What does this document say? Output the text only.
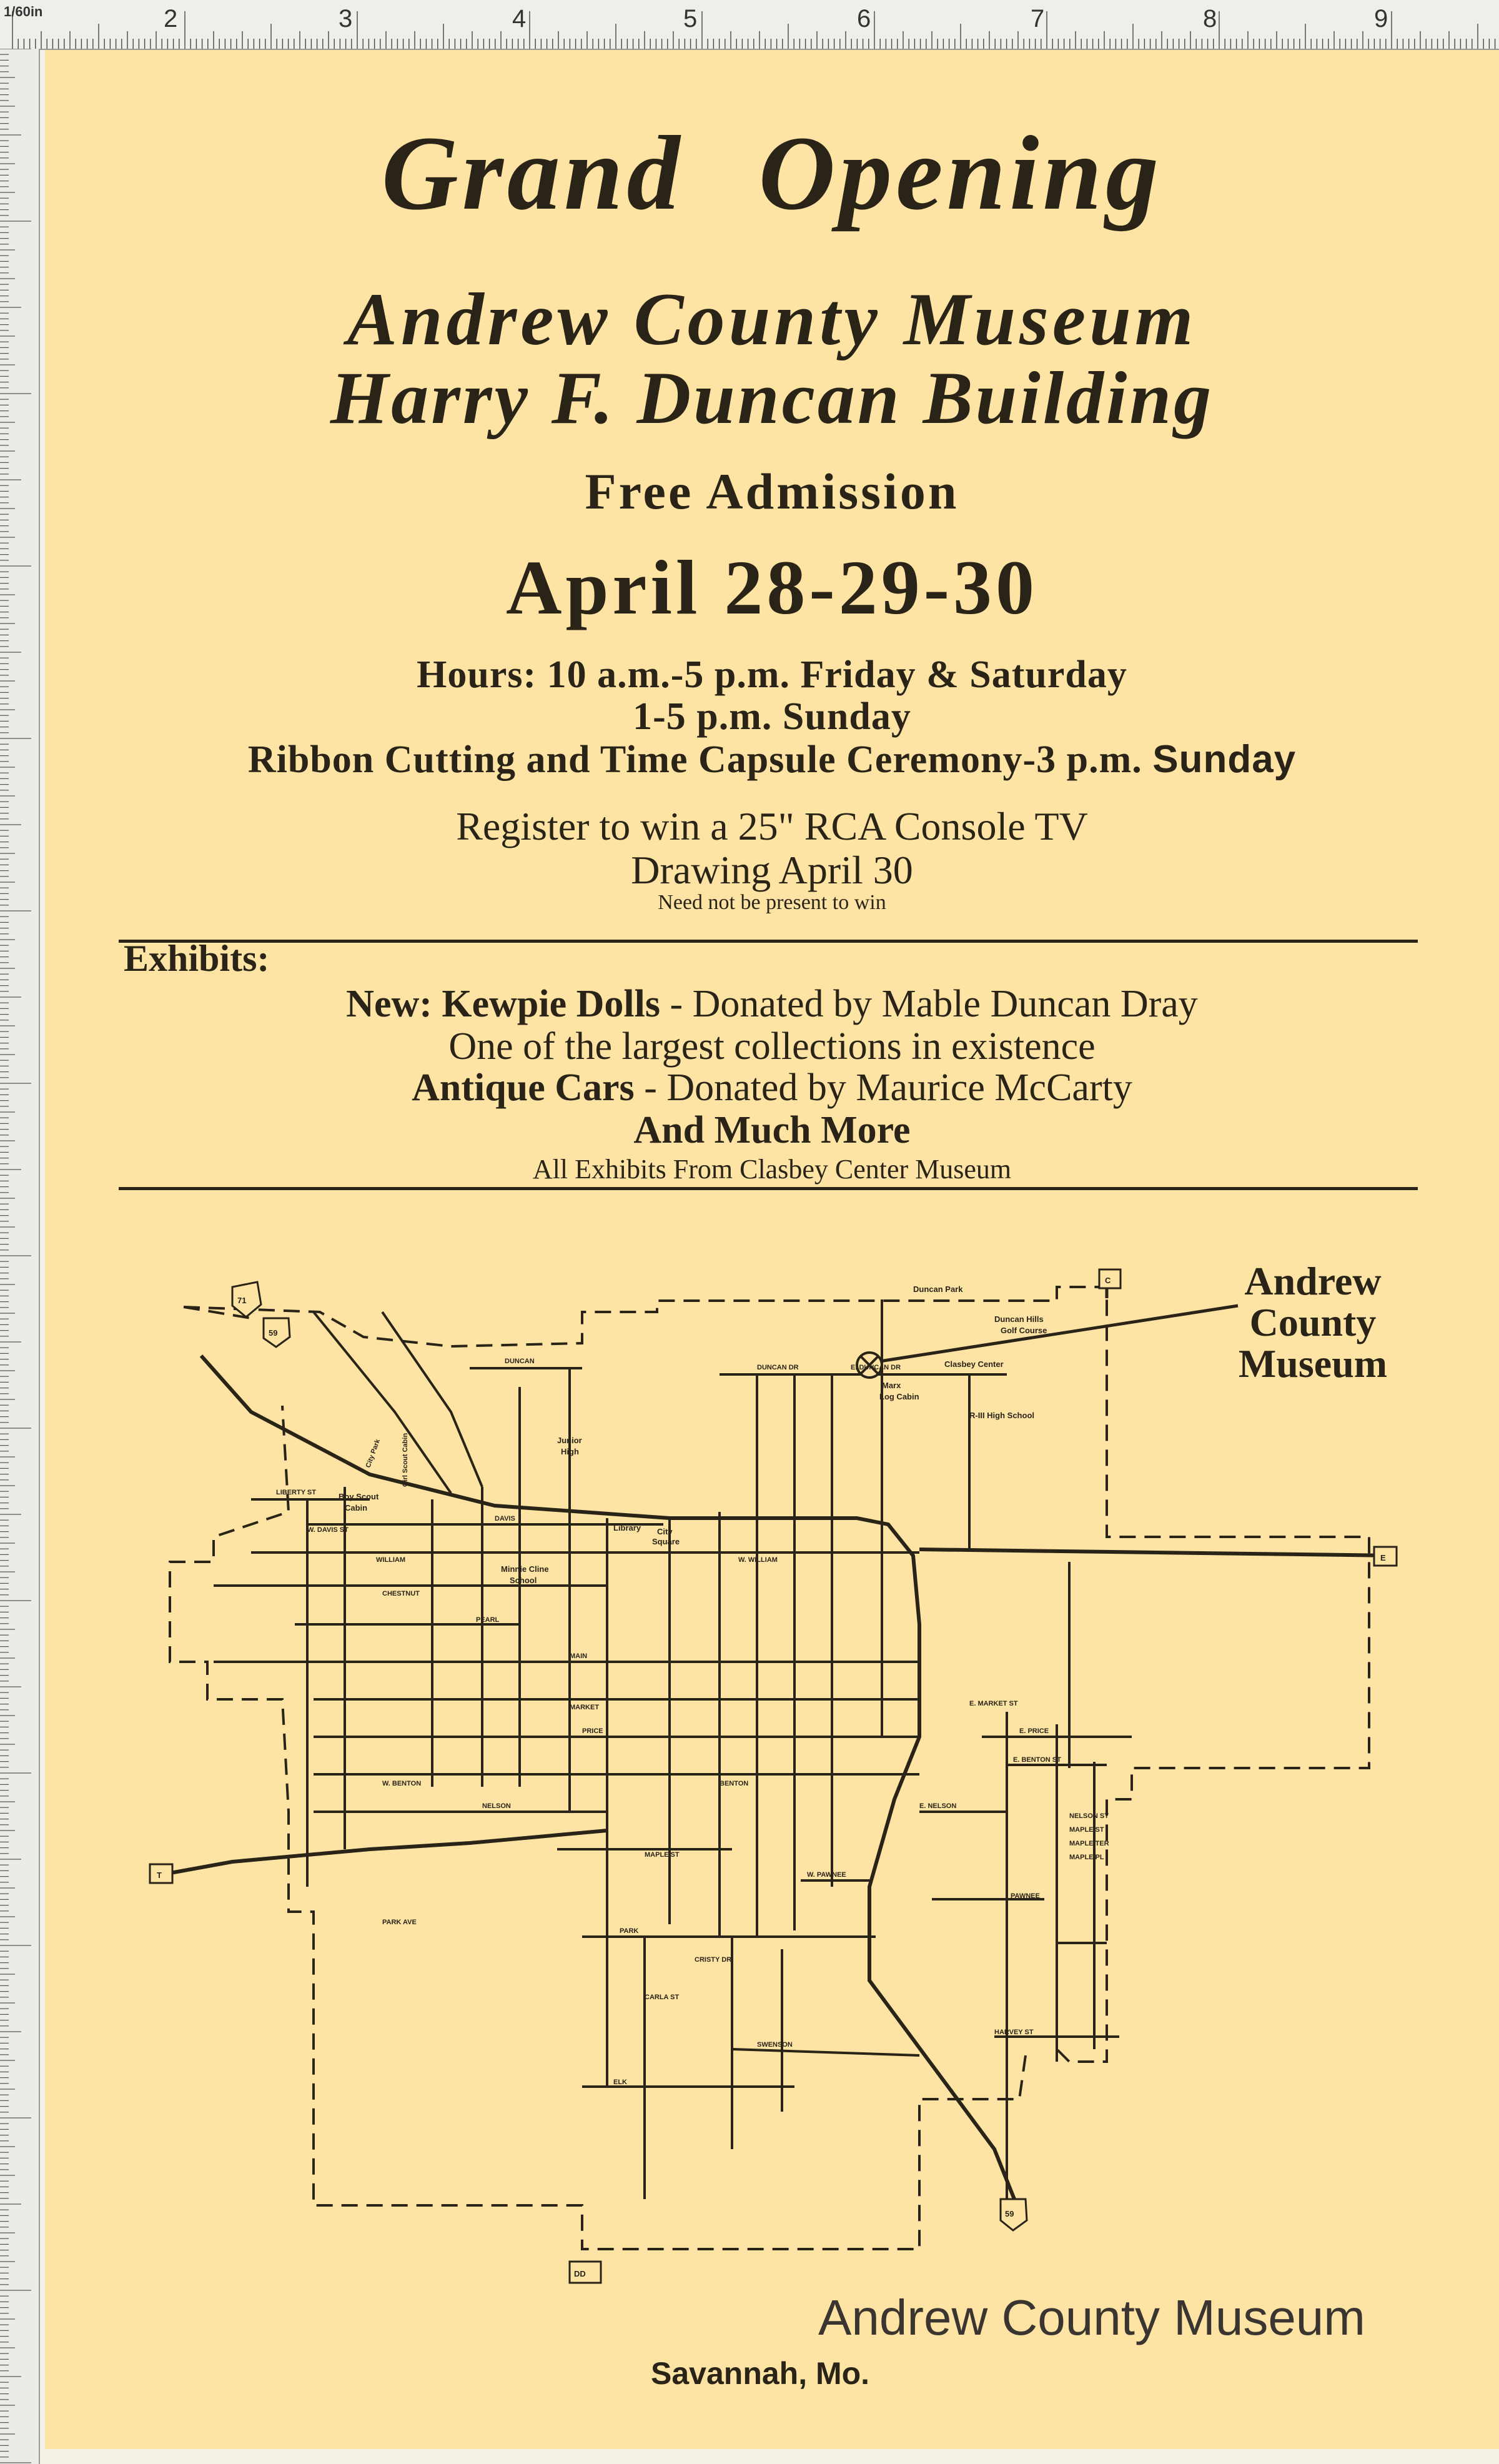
1/60in	2	3	4	5	6	7	8	9
Grand Opening
Andrew County Museum
Harry F. Duncan Building
Free Admission
April 28-29-30
Hours: 10 a.m.-5 p.m. Friday & Saturday
1-5 p.m. Sunday
Ribbon Cutting and Time Capsule Ceremony-3 p.m. Sunday
Register to win a 25" RCA Console TV
Drawing April 30
Need not be present to win
Exhibits:
New: Kewpie Dolls - Donated by Mable Duncan Dray
One of the largest collections in existence
Antique Cars - Donated by Maurice McCarty
And Much More
All Exhibits From Clasbey Center Museum
71
59
C
E
T
DD
59
Duncan Park
Duncan Hills
Golf Course
Clasbey Center
Marx
Log Cabin
R-III High School
Junior
High
Library City
Square
Minnie Cline
School
Boy Scout
Cabin
City Park	Girl Scout Cabin
DUNCAN
DUNCAN DR	E. DUNCAN DR
LIBERTY ST
W. DAVIS ST
DAVIS
WILLIAM	W. WILLIAM
CHESTNUT
PEARL
MAIN
MARKET
PRICE
W. BENTON	BENTON
NELSON	E. NELSON
MAPLE ST
W. PAWNEE
PARK
PARK AVE
CRISTY DR
CARLA ST
HARVEY ST
SWENSON
ELK
E. PRICE
E. BENTON ST
E. MARKET ST
NELSON ST
MAPLE ST
MAPLE TER
MAPLE PL
PAWNEE
Andrew
County
Museum
Savannah, Mo.
Andrew County Museum
